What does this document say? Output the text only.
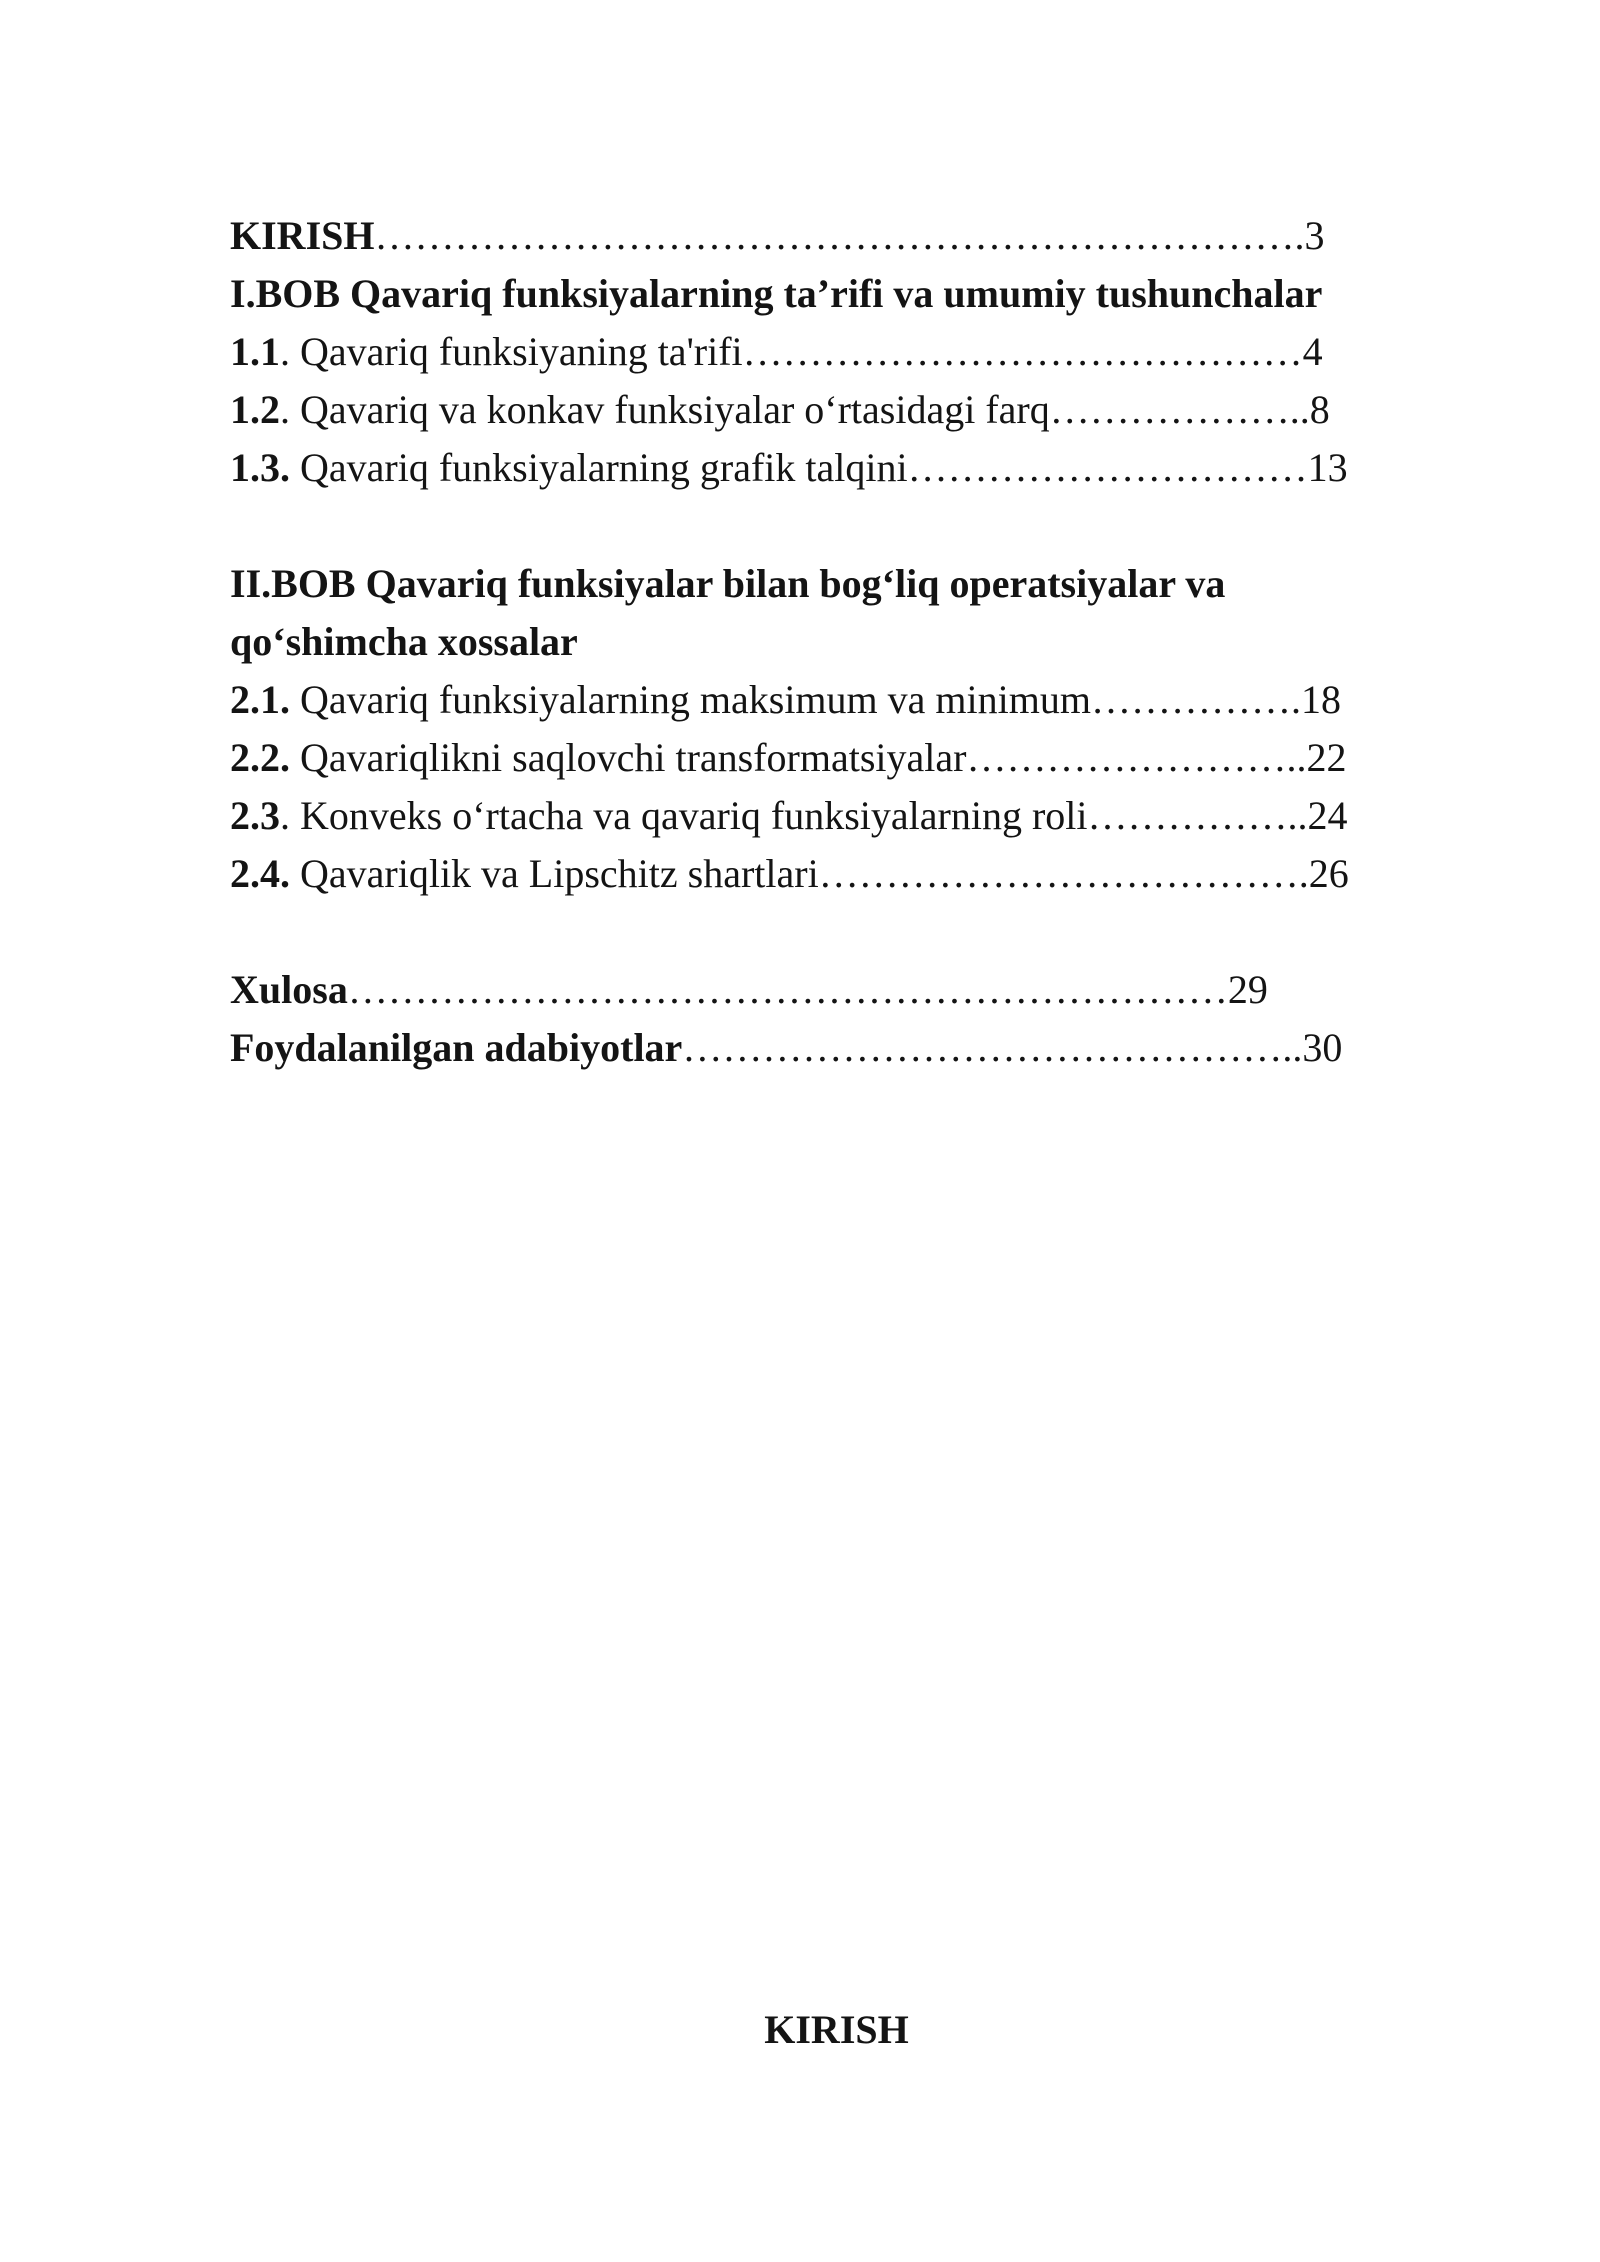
KIRISH…………………………………………………………….3
I.BOB Qavariq funksiyalarning ta’rifi va umumiy tushunchalar
1.1. Qavariq funksiyaning ta'rifi……………………………………4
1.2. Qavariq va konkav funksiyalar o‘rtasidagi farq………………..8
1.3. Qavariq funksiyalarning grafik talqini…………………………13
II.BOB Qavariq funksiyalar bilan bog‘liq operatsiyalar va
qo‘shimcha xossalar
2.1. Qavariq funksiyalarning maksimum va minimum…………….18
2.2. Qavariqlikni saqlovchi transformatsiyalar……………………..22
2.3. Konveks o‘rtacha va qavariq funksiyalarning roli……………..24
2.4. Qavariqlik va Lipschitz shartlari……………………………….26
Xulosa…………………………………………………………29
Foydalanilgan adabiyotlar………………………………………..30
KIRISH
